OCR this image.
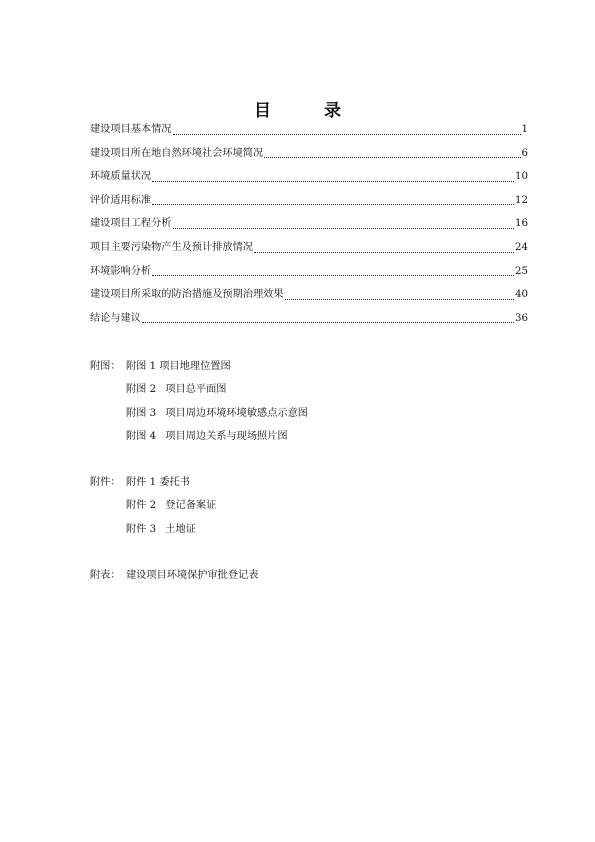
目　录
建设项目基本情况	1
建设项目所在地自然环境社会环境简况	6
环境质量状况	10
评价适用标准	12
建设项目工程分析	16
项目主要污染物产生及预计排放情况	24
环境影响分析	25
建设项目所采取的防治措施及预期治理效果	40
结论与建议	36
附图： 附图 1 项目地理位置图
附图 2 项目总平面图
附图 3 项目周边环境环境敏感点示意图
附图 4 项目周边关系与现场照片图
附件： 附件 1 委托书
附件 2 登记备案证
附件 3 土地证
附表： 建设项目环境保护审批登记表
